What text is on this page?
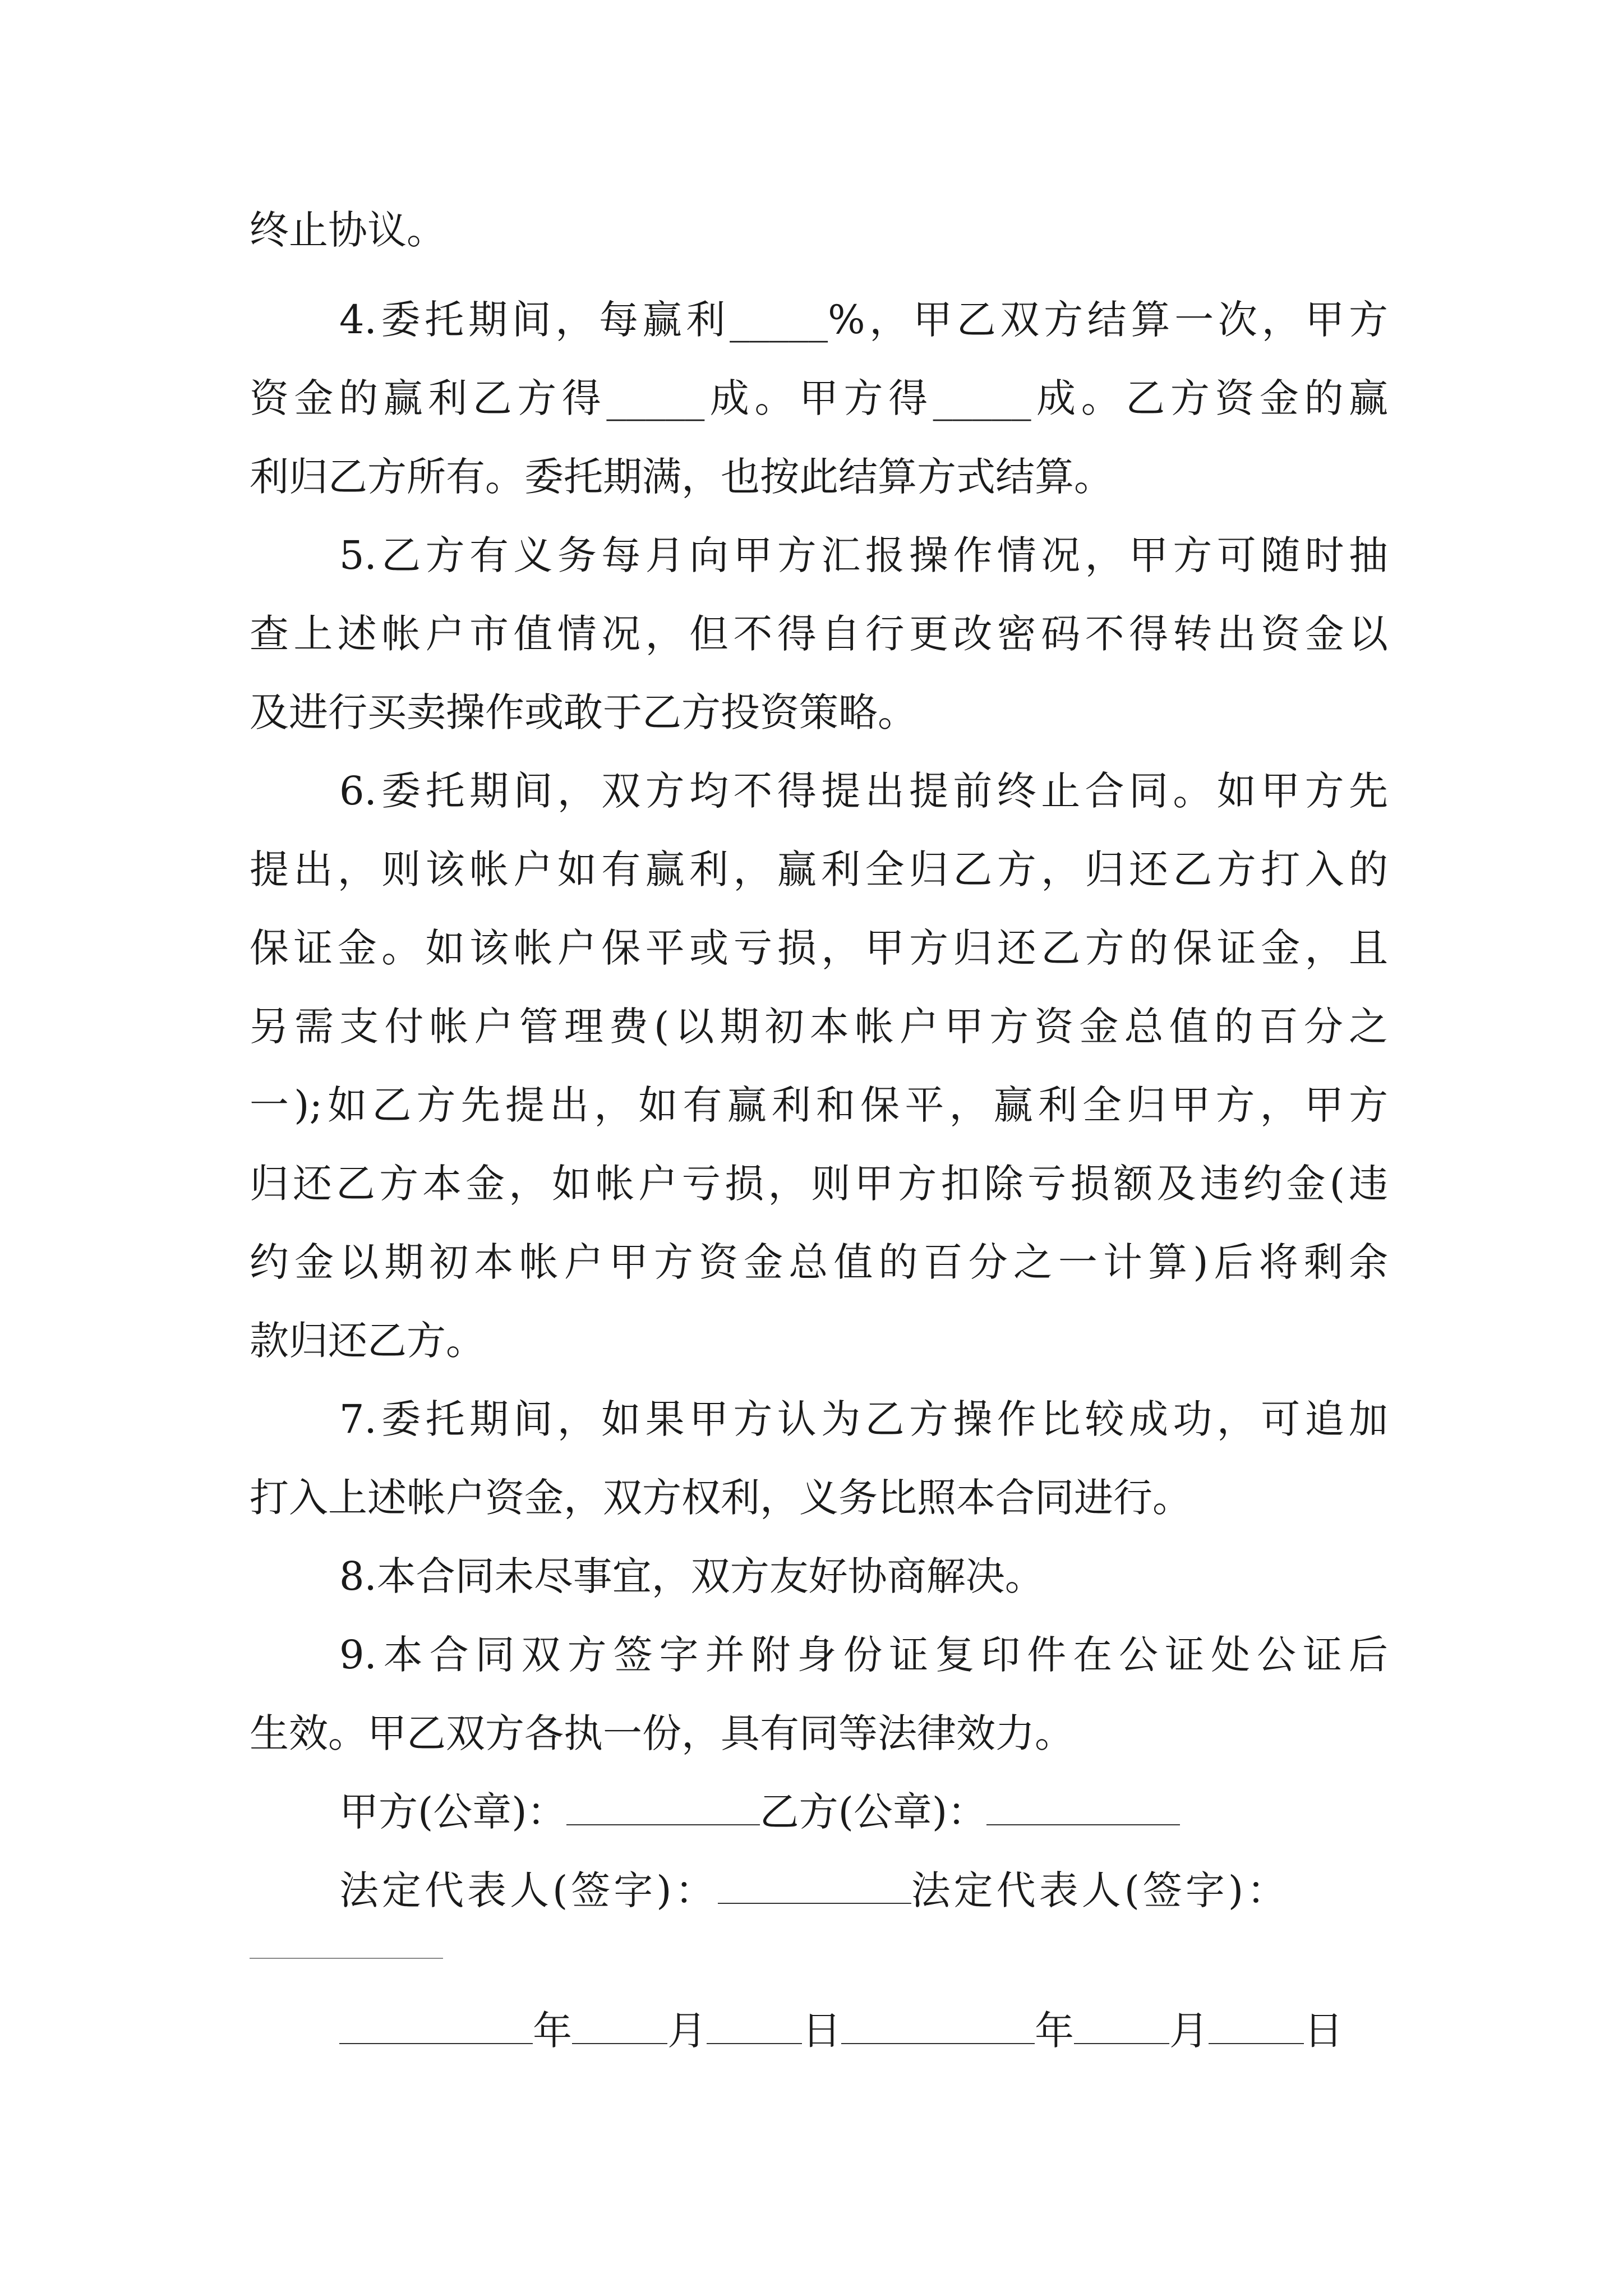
终止协议。
4.委托期间，每赢利_____%，甲乙双方结算一次，甲方
资金的赢利乙方得_____成。甲方得_____成。乙方资金的赢
利归乙方所有。委托期满，也按此结算方式结算。
5.乙方有义务每月向甲方汇报操作情况，甲方可随时抽
查上述帐户市值情况，但不得自行更改密码不得转出资金以
及进行买卖操作或敢于乙方投资策略。
6.委托期间，双方均不得提出提前终止合同。如甲方先
提出，则该帐户如有赢利，赢利全归乙方，归还乙方打入的
保证金。如该帐户保平或亏损，甲方归还乙方的保证金，且
另需支付帐户管理费(以期初本帐户甲方资金总值的百分之
一);如乙方先提出，如有赢利和保平，赢利全归甲方，甲方
归还乙方本金，如帐户亏损，则甲方扣除亏损额及违约金(违
约金以期初本帐户甲方资金总值的百分之一计算)后将剩余
款归还乙方。
7.委托期间，如果甲方认为乙方操作比较成功，可追加
打入上述帐户资金，双方权利，义务比照本合同进行。
8.本合同未尽事宜，双方友好协商解决。
9.本合同双方签字并附身份证复印件在公证处公证后
生效。甲乙双方各执一份，具有同等法律效力。
甲方(公章)：	乙方(公章)：
法定代表人(签字)：	法定代表人(签字)：
年 月 日	年 月 日
